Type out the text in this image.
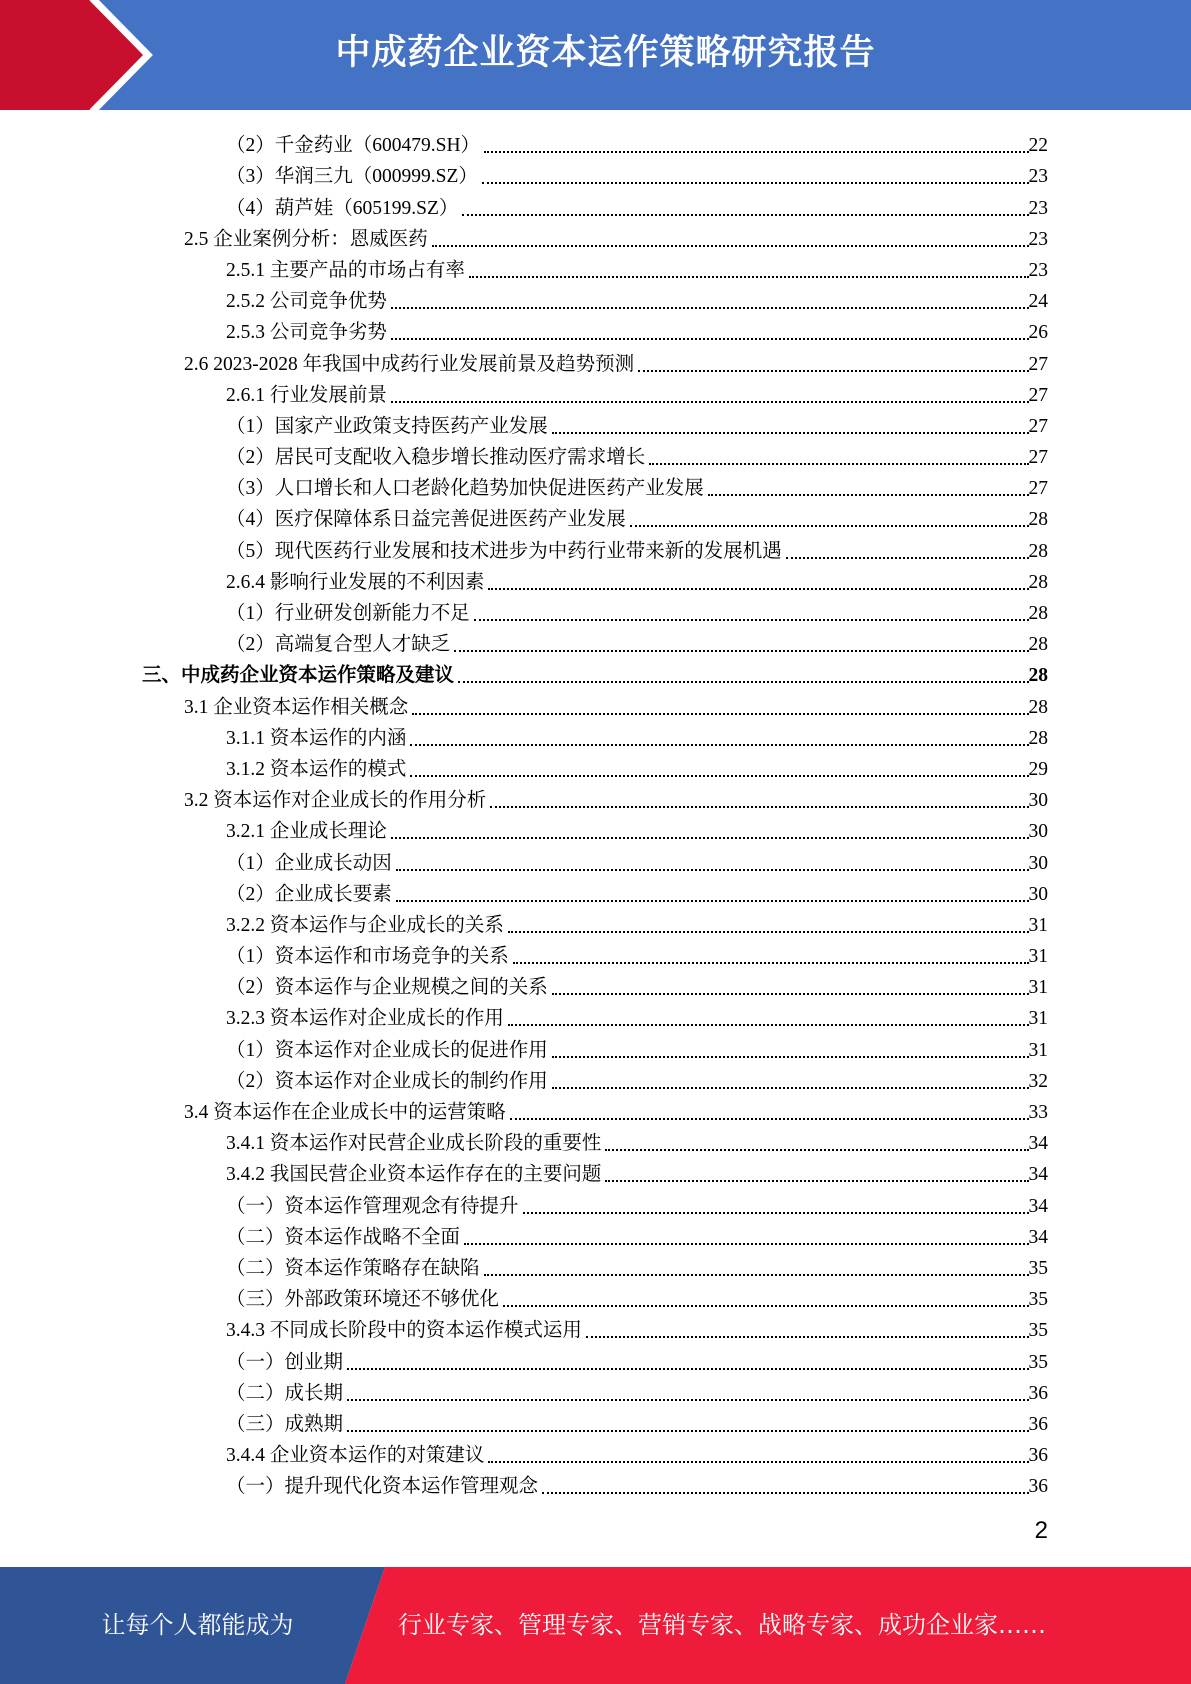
中成药企业资本运作策略研究报告
（2）千金药业（600479.SH）	22
（3）华润三九（000999.SZ）	23
（4）葫芦娃（605199.SZ）	23
2.5 企业案例分析：恩威医药	23
2.5.1 主要产品的市场占有率	23
2.5.2 公司竞争优势	24
2.5.3 公司竞争劣势	26
2.6 2023-2028 年我国中成药行业发展前景及趋势预测	27
2.6.1 行业发展前景	27
（1）国家产业政策支持医药产业发展	27
（2）居民可支配收入稳步增长推动医疗需求增长	27
（3）人口增长和人口老龄化趋势加快促进医药产业发展	27
（4）医疗保障体系日益完善促进医药产业发展	28
（5）现代医药行业发展和技术进步为中药行业带来新的发展机遇	28
2.6.4 影响行业发展的不利因素	28
（1）行业研发创新能力不足	28
（2）高端复合型人才缺乏	28
三、中成药企业资本运作策略及建议	28
3.1 企业资本运作相关概念	28
3.1.1 资本运作的内涵	28
3.1.2 资本运作的模式	29
3.2 资本运作对企业成长的作用分析	30
3.2.1 企业成长理论	30
（1）企业成长动因	30
（2）企业成长要素	30
3.2.2 资本运作与企业成长的关系	31
（1）资本运作和市场竞争的关系	31
（2）资本运作与企业规模之间的关系	31
3.2.3 资本运作对企业成长的作用	31
（1）资本运作对企业成长的促进作用	31
（2）资本运作对企业成长的制约作用	32
3.4 资本运作在企业成长中的运营策略	33
3.4.1 资本运作对民营企业成长阶段的重要性	34
3.4.2 我国民营企业资本运作存在的主要问题	34
（一）资本运作管理观念有待提升	34
（二）资本运作战略不全面	34
（二）资本运作策略存在缺陷	35
（三）外部政策环境还不够优化	35
3.4.3 不同成长阶段中的资本运作模式运用	35
（一）创业期	35
（二）成长期	36
（三）成熟期	36
3.4.4 企业资本运作的对策建议	36
（一）提升现代化资本运作管理观念	36
2
让每个人都能成为	行业专家、管理专家、营销专家、战略专家、成功企业家……
